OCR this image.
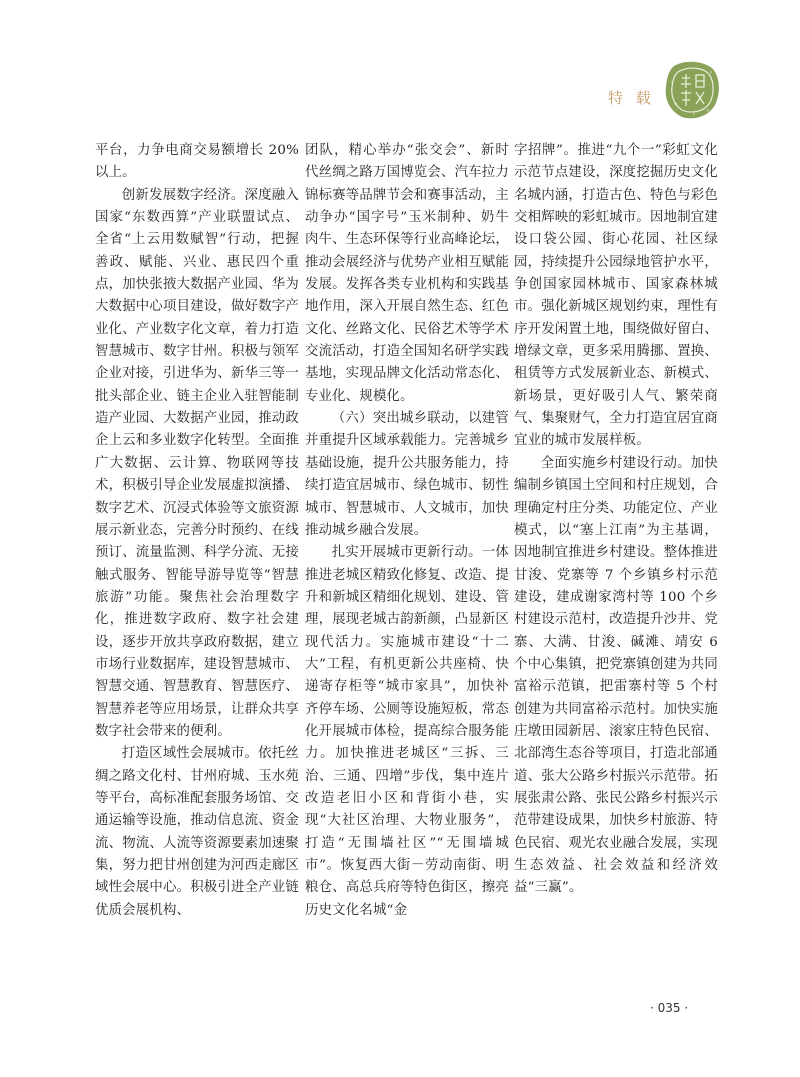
特 载

平台，力争电商交易额增长 20%以上。

创新发展数字经济。深度融入国家“东数西算”产业联盟试点、全省“上云用数赋智”行动，把握善政、赋能、兴业、惠民四个重点，加快张掖大数据产业园、华为大数据中心项目建设，做好数字产业化、产业数字化文章，着力打造智慧城市、数字甘州。积极与领军企业对接，引进华为、新华三等一批头部企业、链主企业入驻智能制造产业园、大数据产业园，推动政企上云和多业数字化转型。全面推广大数据、云计算、物联网等技术，积极引导企业发展虚拟演播、数字艺术、沉浸式体验等文旅资源展示新业态，完善分时预约、在线预订、流量监测、科学分流、无接触式服务、智能导游导览等“智慧旅游”功能。聚焦社会治理数字化，推进数字政府、数字社会建设，逐步开放共享政府数据，建立市场行业数据库，建设智慧城市、智慧交通、智慧教育、智慧医疗、智慧养老等应用场景，让群众共享数字社会带来的便利。

打造区域性会展城市。依托丝绸之路文化村、甘州府城、玉水苑等平台，高标准配套服务场馆、交通运输等设施，推动信息流、资金流、物流、人流等资源要素加速聚集，努力把甘州创建为河西走廊区域性会展中心。积极引进全产业链优质会展机构、

团队，精心举办“张交会”、新时代丝绸之路万国博览会、汽车拉力锦标赛等品牌节会和赛事活动，主动争办“国字号”玉米制种、奶牛肉牛、生态环保等行业高峰论坛，推动会展经济与优势产业相互赋能发展。发挥各类专业机构和实践基地作用，深入开展自然生态、红色文化、丝路文化、民俗艺术等学术交流活动，打造全国知名研学实践基地，实现品牌文化活动常态化、专业化、规模化。

（六）突出城乡联动，以建管并重提升区域承载能力。完善城乡基础设施，提升公共服务能力，持续打造宜居城市、绿色城市、韧性城市、智慧城市、人文城市，加快推动城乡融合发展。

扎实开展城市更新行动。一体推进老城区精致化修复、改造、提升和新城区精细化规划、建设、管理，展现老城古韵新颜，凸显新区现代活力。实施城市建设“十二大”工程，有机更新公共座椅、快递寄存柜等“城市家具”，加快补齐停车场、公厕等设施短板，常态化开展城市体检，提高综合服务能力。加快推进老城区“三拆、三治、三通、四增”步伐，集中连片改造老旧小区和背街小巷，实现“大社区治理、大物业服务”，打造“无围墙社区”“无围墙城市”。恢复西大街－劳动南街、明粮仓、高总兵府等特色街区，擦亮历史文化名城“金

字招牌”。推进“九个一”彩虹文化示范节点建设，深度挖掘历史文化名城内涵，打造古色、特色与彩色交相辉映的彩虹城市。因地制宜建设口袋公园、街心花园、社区绿园，持续提升公园绿地管护水平，争创国家园林城市、国家森林城市。强化新城区规划约束，理性有序开发闲置土地，围绕做好留白、增绿文章，更多采用腾挪、置换、租赁等方式发展新业态、新模式、新场景，更好吸引人气、繁荣商气、集聚财气，全力打造宜居宜商宜业的城市发展样板。

全面实施乡村建设行动。加快编制乡镇国土空间和村庄规划，合理确定村庄分类、功能定位、产业模式，以“塞上江南”为主基调，因地制宜推进乡村建设。整体推进甘浚、党寨等 7 个乡镇乡村示范建设，建成谢家湾村等 100 个乡村建设示范村，改造提升沙井、党寨、大满、甘浚、碱滩、靖安 6 个中心集镇，把党寨镇创建为共同富裕示范镇，把雷寨村等 5 个村创建为共同富裕示范村。加快实施庄墩田园新居、滚家庄特色民宿、北部湾生态谷等项目，打造北部通道、张大公路乡村振兴示范带。拓展张肃公路、张民公路乡村振兴示范带建设成果，加快乡村旅游、特色民宿、观光农业融合发展，实现生态效益、社会效益和经济效益“三赢”。

· 035 ·
